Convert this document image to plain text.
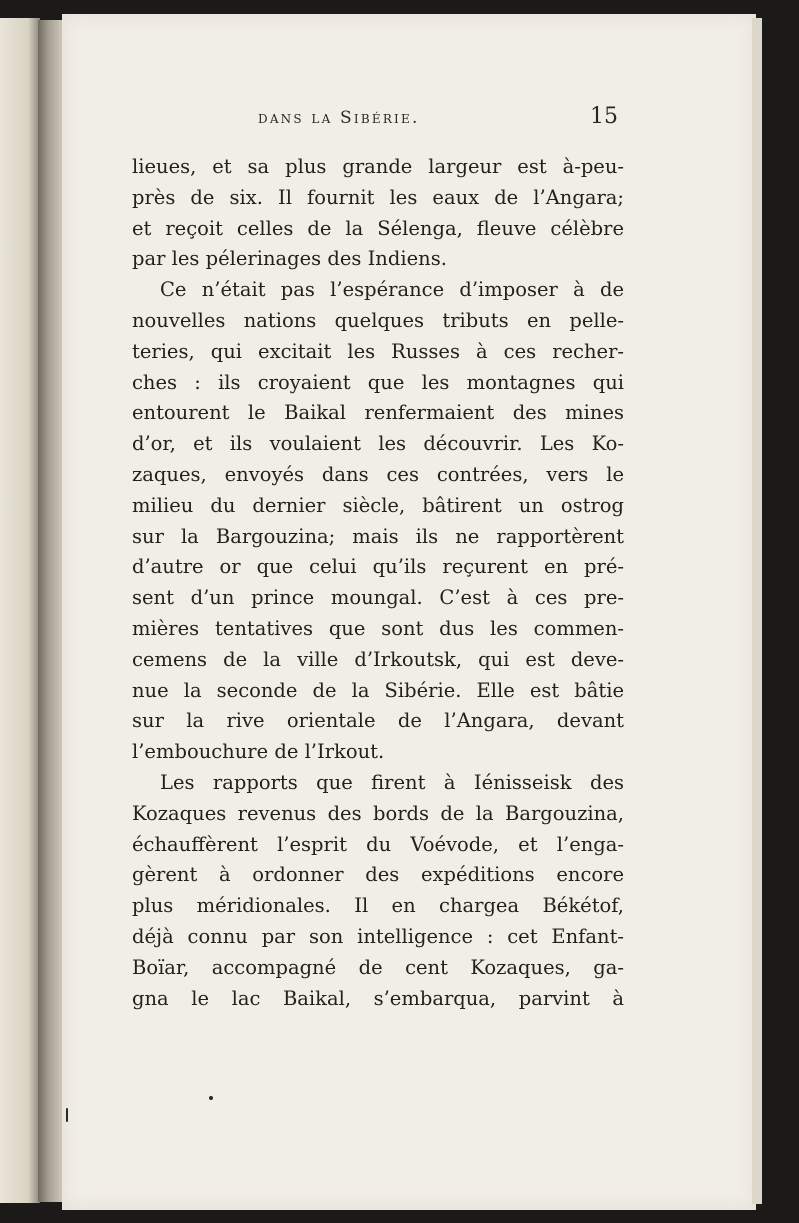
dans la Sibérie.	15
lieues, et sa plus grande largeur est à-peu-
près de six. Il fournit les eaux de l’Angara;
et reçoit celles de la Sélenga, fleuve célèbre
par les pélerinages des Indiens.
Ce n’était pas l’espérance d’imposer à de
nouvelles nations quelques tributs en pelle-
teries, qui excitait les Russes à ces recher-
ches : ils croyaient que les montagnes qui
entourent le Baikal renfermaient des mines
d’or, et ils voulaient les découvrir. Les Ko-
zaques, envoyés dans ces contrées, vers le
milieu du dernier siècle, bâtirent un ostrog
sur la Bargouzina; mais ils ne rapportèrent
d’autre or que celui qu’ils reçurent en pré-
sent d’un prince moungal. C’est à ces pre-
mières tentatives que sont dus les commen-
cemens de la ville d’Irkoutsk, qui est deve-
nue la seconde de la Sibérie. Elle est bâtie
sur la rive orientale de l’Angara, devant
l’embouchure de l’Irkout.
Les rapports que firent à Iénisseisk des
Kozaques revenus des bords de la Bargouzina,
échauffèrent l’esprit du Voévode, et l’enga-
gèrent à ordonner des expéditions encore
plus méridionales. Il en chargea Békétof,
déjà connu par son intelligence : cet Enfant-
Boïar, accompagné de cent Kozaques, ga-
gna le lac Baikal, s’embarqua, parvint à
